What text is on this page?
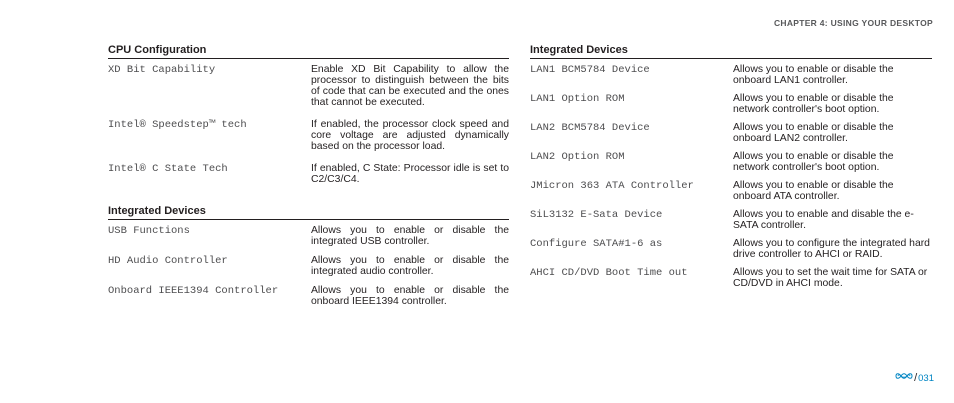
CHAPTER 4: USING YOUR DESKTOP
CPU Configuration
XD Bit Capability	Enable XD Bit Capability to allow the processor to distinguish between the bits of code that can be executed and the ones that cannot be executed.
Intel® Speedstep™ tech	If enabled, the processor clock speed and core voltage are adjusted dynamically based on the processor load.
Intel® C State Tech	If enabled, C State: Processor idle is set to C2/C3/C4.
Integrated Devices
USB Functions	Allows you to enable or disable the integrated USB controller.
HD Audio Controller	Allows you to enable or disable the integrated audio controller.
Onboard IEEE1394 Controller	Allows you to enable or disable the onboard IEEE1394 controller.
Integrated Devices
LAN1 BCM5784 Device	Allows you to enable or disable the onboard LAN1 controller.
LAN1 Option ROM	Allows you to enable or disable the network controller's boot option.
LAN2 BCM5784 Device	Allows you to enable or disable the onboard LAN2 controller.
LAN2 Option ROM	Allows you to enable or disable the network controller's boot option.
JMicron 363 ATA Controller	Allows you to enable or disable the onboard ATA controller.
SiL3132 E-Sata Device	Allows you to enable and disable the e-SATA controller.
Configure SATA#1-6 as	Allows you to configure the integrated hard drive controller to AHCI or RAID.
AHCI CD/DVD Boot Time out	Allows you to set the wait time for SATA or CD/DVD in AHCI mode.
/ 031
